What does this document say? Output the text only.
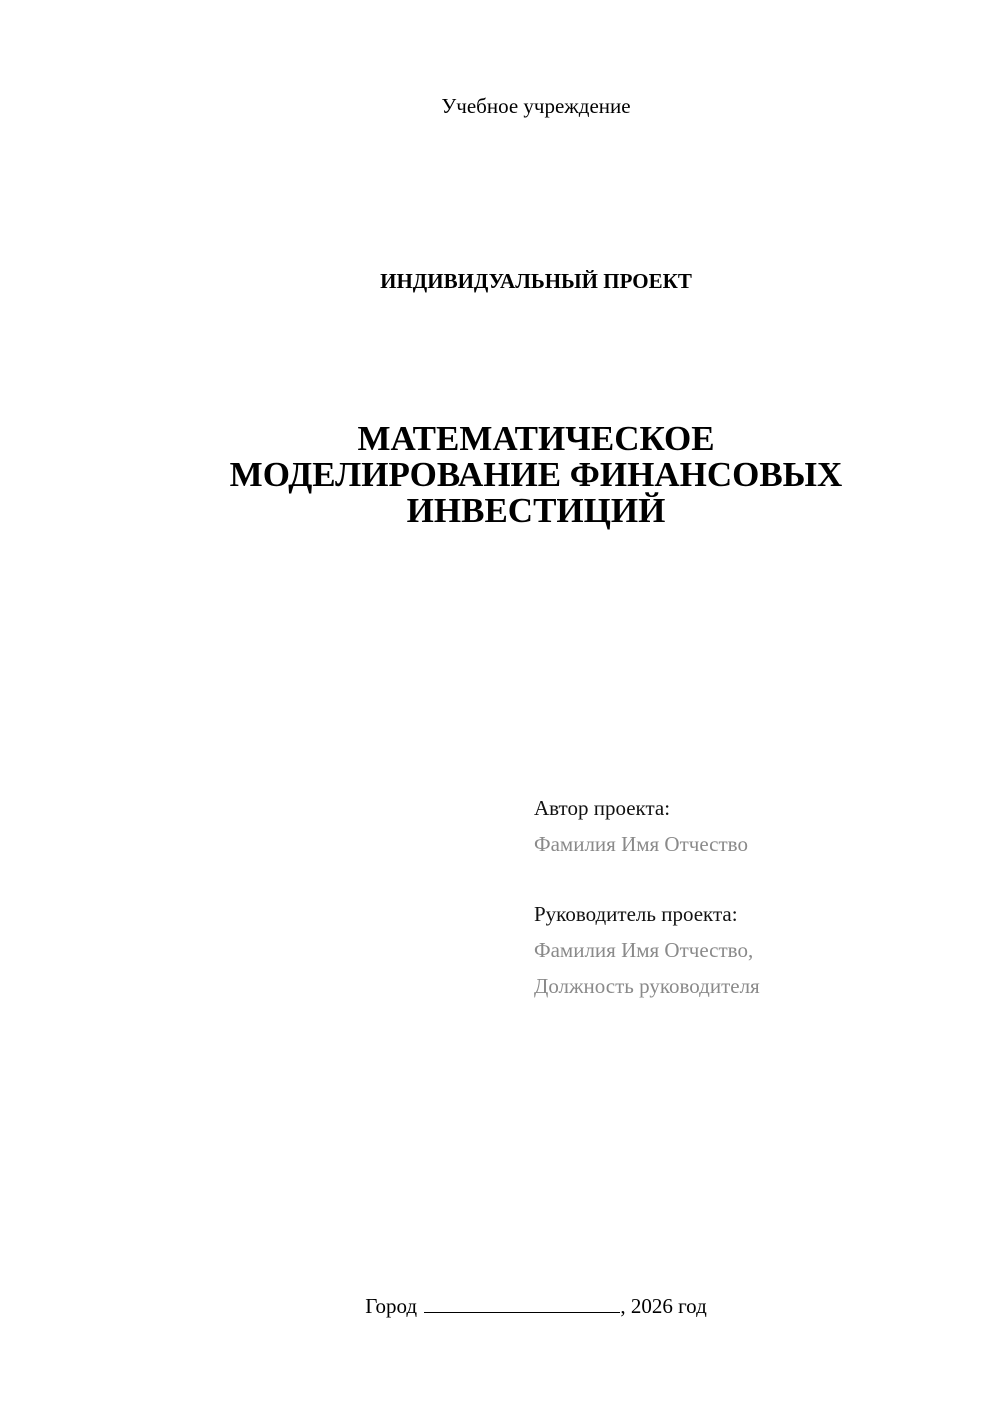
Учебное учреждение
ИНДИВИДУАЛЬНЫЙ ПРОЕКТ
МАТЕМАТИЧЕСКОЕ
МОДЕЛИРОВАНИЕ ФИНАНСОВЫХ
ИНВЕСТИЦИЙ
Автор проекта:
Фамилия Имя Отчество
Руководитель проекта:
Фамилия Имя Отчество,
Должность руководителя
Город	, 2026 год
